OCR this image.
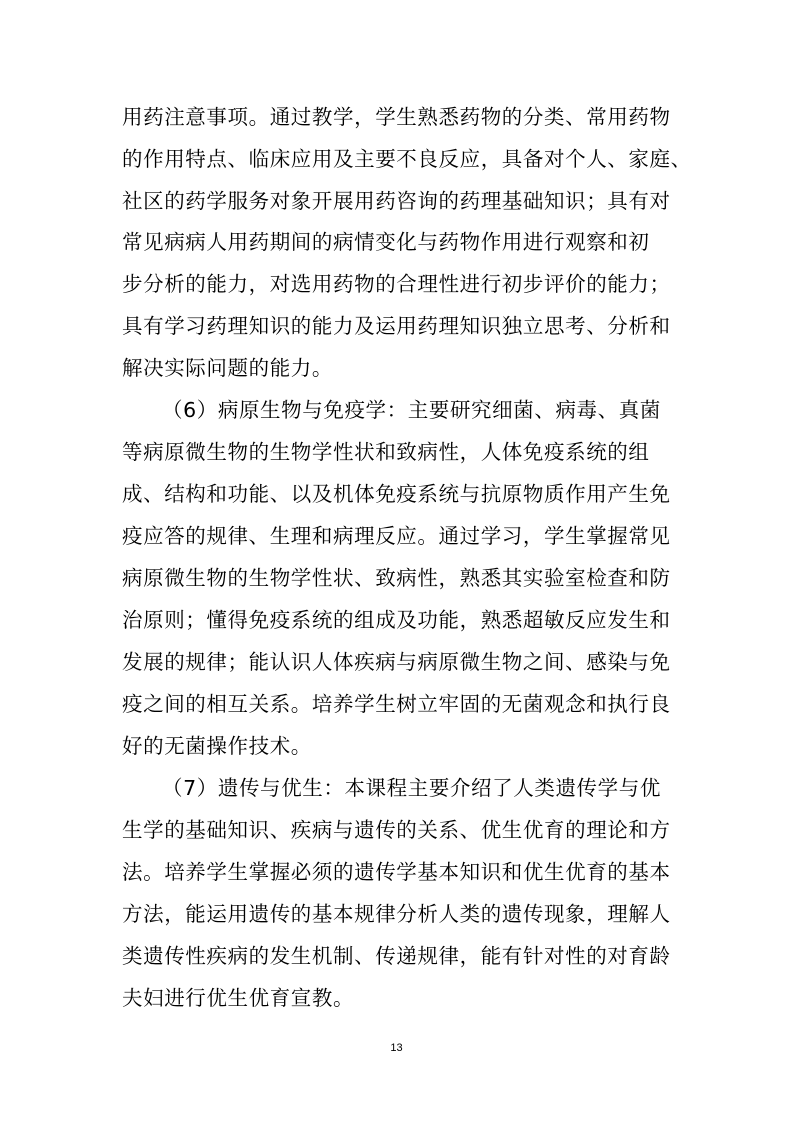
用药注意事项。通过教学，学生熟悉药物的分类、常用药物
的作用特点、临床应用及主要不良反应，具备对个人、家庭、
社区的药学服务对象开展用药咨询的药理基础知识；具有对
常见病病人用药期间的病情变化与药物作用进行观察和初
步分析的能力，对选用药物的合理性进行初步评价的能力；
具有学习药理知识的能力及运用药理知识独立思考、分析和
解决实际问题的能力。
（6）病原生物与免疫学：主要研究细菌、病毒、真菌
等病原微生物的生物学性状和致病性，人体免疫系统的组
成、结构和功能、以及机体免疫系统与抗原物质作用产生免
疫应答的规律、生理和病理反应。通过学习，学生掌握常见
病原微生物的生物学性状、致病性，熟悉其实验室检查和防
治原则；懂得免疫系统的组成及功能，熟悉超敏反应发生和
发展的规律；能认识人体疾病与病原微生物之间、感染与免
疫之间的相互关系。培养学生树立牢固的无菌观念和执行良
好的无菌操作技术。
（7）遗传与优生：本课程主要介绍了人类遗传学与优
生学的基础知识、疾病与遗传的关系、优生优育的理论和方
法。培养学生掌握必须的遗传学基本知识和优生优育的基本
方法，能运用遗传的基本规律分析人类的遗传现象，理解人
类遗传性疾病的发生机制、传递规律，能有针对性的对育龄
夫妇进行优生优育宣教。
13
